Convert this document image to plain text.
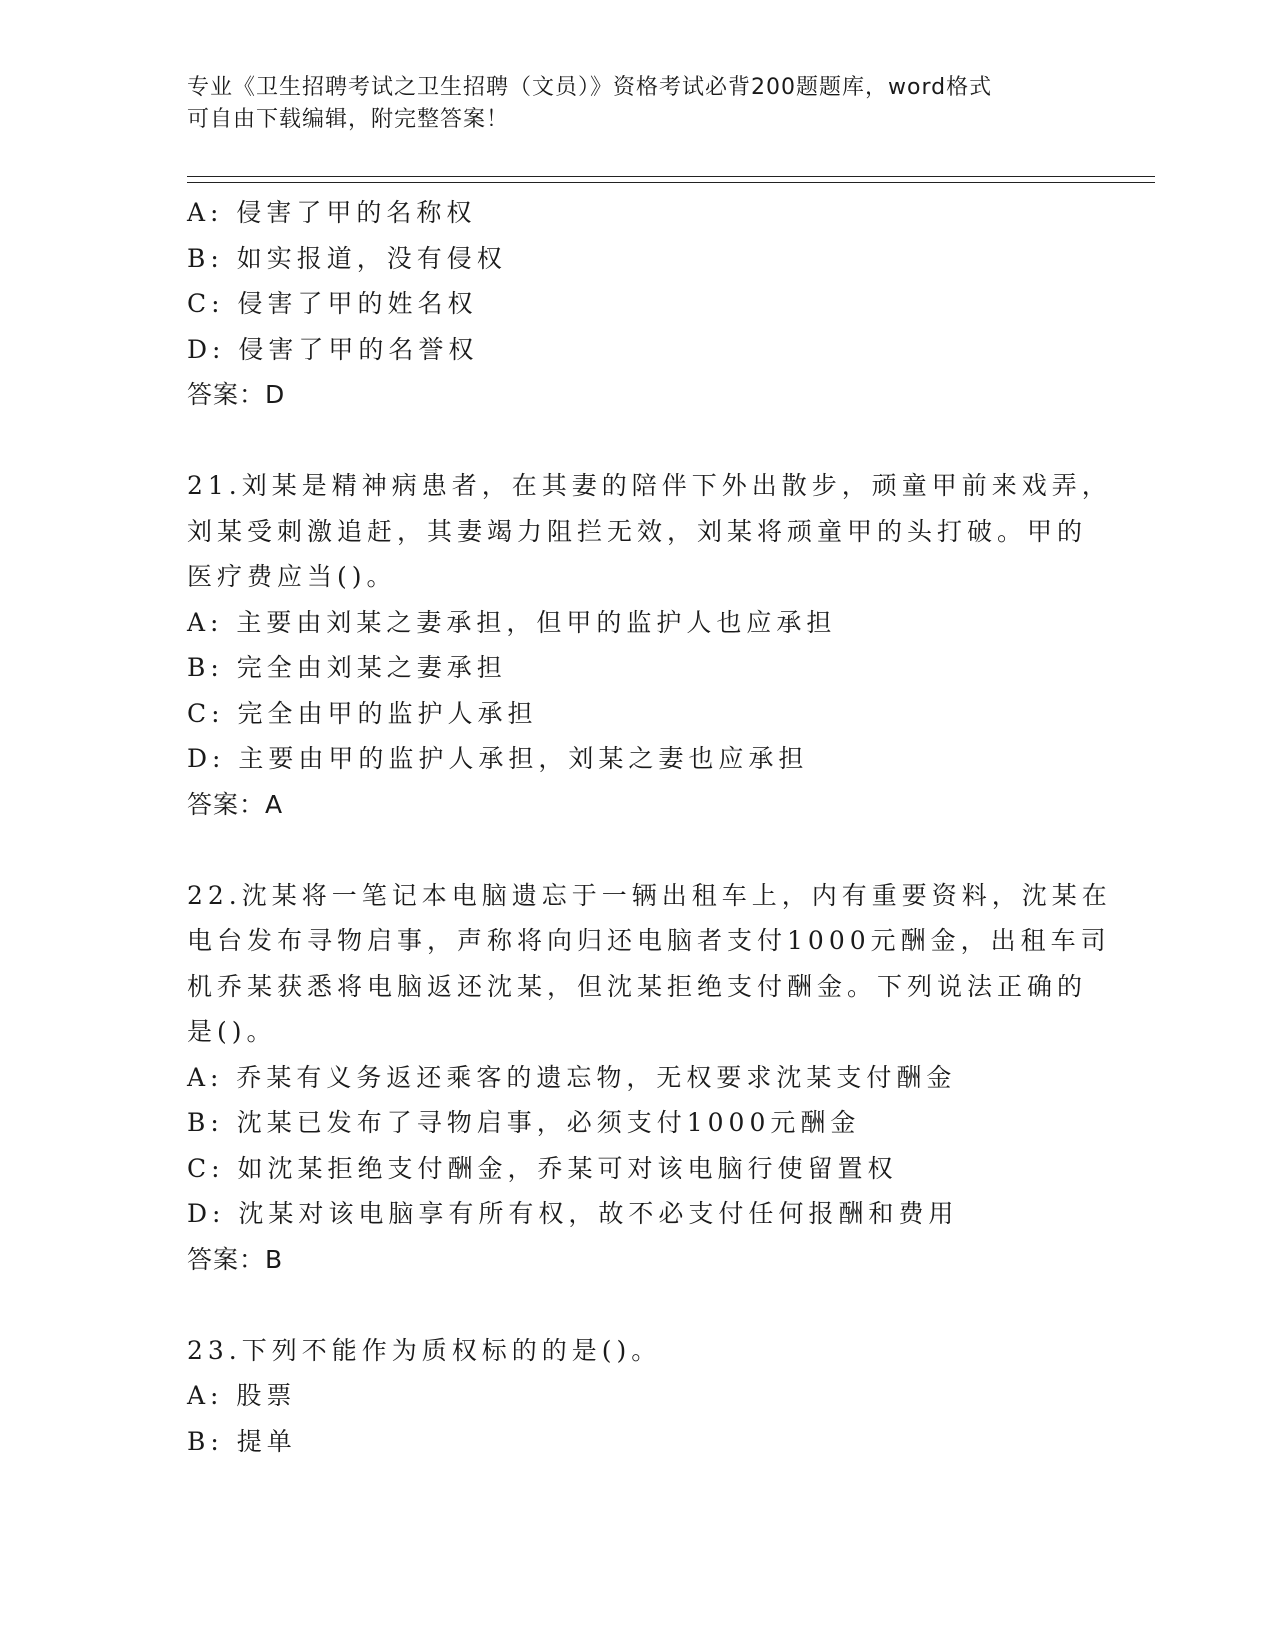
专业《卫生招聘考试之卫生招聘（文员）》资格考试必背200题题库，word格式
可自由下载编辑，附完整答案！
A: 侵害了甲的名称权
B: 如实报道，没有侵权
C: 侵害了甲的姓名权
D: 侵害了甲的名誉权
答案：D
21.刘某是精神病患者，在其妻的陪伴下外出散步，顽童甲前来戏弄，
刘某受刺激追赶，其妻竭力阻拦无效，刘某将顽童甲的头打破。甲的
医疗费应当()。
A: 主要由刘某之妻承担，但甲的监护人也应承担
B: 完全由刘某之妻承担
C: 完全由甲的监护人承担
D: 主要由甲的监护人承担，刘某之妻也应承担
答案：A
22.沈某将一笔记本电脑遗忘于一辆出租车上，内有重要资料，沈某在
电台发布寻物启事，声称将向归还电脑者支付1000元酬金，出租车司
机乔某获悉将电脑返还沈某，但沈某拒绝支付酬金。下列说法正确的
是()。
A: 乔某有义务返还乘客的遗忘物，无权要求沈某支付酬金
B: 沈某已发布了寻物启事，必须支付1000元酬金
C: 如沈某拒绝支付酬金，乔某可对该电脑行使留置权
D: 沈某对该电脑享有所有权，故不必支付任何报酬和费用
答案：B
23.下列不能作为质权标的的是()。
A: 股票
B: 提单
